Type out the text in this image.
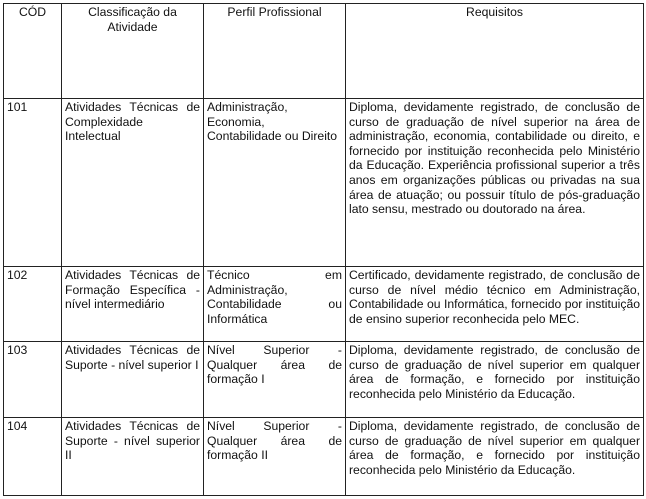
CÓD	Classificação da Atividade	Perfil Profissional	Requisitos
101	Atividades Técnicas de Complexidade Intelectual	Administração, Economia, Contabilidade ou Direito	Diploma, devidamente registrado, de conclusão de curso de graduação de nível superior na área de administração, economia, contabilidade ou direito, e fornecido por instituição reconhecida pelo Ministério da Educação. Experiência profissional superior a três anos em organizações públicas ou privadas na sua área de atuação; ou possuir título de pós-graduação lato sensu, mestrado ou doutorado na área.
102	Atividades Técnicas de Formação Específica - nível intermediário	Técnico em Administração, Contabilidade ou Informática	Certificado, devidamente registrado, de conclusão de curso de nível médio técnico em Administração, Contabilidade ou Informática, fornecido por instituição de ensino superior reconhecida pelo MEC.
103	Atividades Técnicas de Suporte - nível superior I	Nível Superior - Qualquer área de formação I	Diploma, devidamente registrado, de conclusão de curso de graduação de nível superior em qualquer área de formação, e fornecido por instituição reconhecida pelo Ministério da Educação.
104	Atividades Técnicas de Suporte - nível superior II	Nível Superior - Qualquer área de formação II	Diploma, devidamente registrado, de conclusão de curso de graduação de nível superior em qualquer área de formação, e fornecido por instituição reconhecida pelo Ministério da Educação.
